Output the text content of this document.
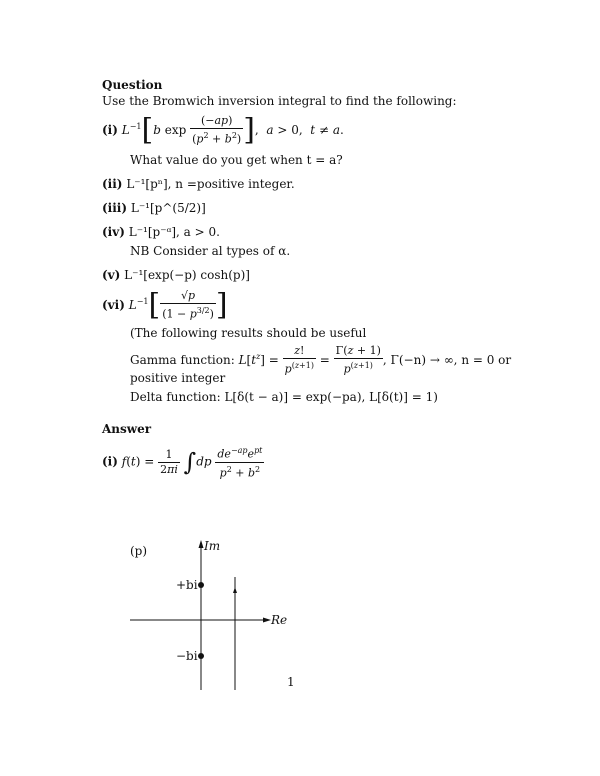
Question
Use the Bromwich inversion integral to find the following:
(i) $L^{-1}[b$ $\exp \frac{(-ap)}{(p^2 + b^2)}$ ],  a > 0,  t ≠ a.
What value do you get when t = a?
(ii) L⁻¹[pⁿ], n =positive integer.
(iii) L⁻¹[p^(5/2)]
(iv) L⁻¹[p⁻ᵅ], a > 0.
NB Consider al types of α.
(v) L⁻¹[exp(−p) cosh(p)]
(vi) $L^{-1}[ \frac{√p}{(1 - p^{3/2})}$ ]
(The following results should be useful
Gamma function: $L[t^z] = \frac{z!}{p^{(z+1)}} = \frac{\Gamma(z + 1)}{p^{(z+1)}}$ , Γ(−n) → ∞, n = 0 or
positive integer
Delta function: L[δ(t − a)] = exp(−pa), L[δ(t)] = 1)
Answer
(i) $f(t) = \frac{1}{2\pi i} \int dp \frac{de^{-ap}e^{pt}}{p^2 + b^2}$
(p)	Im
Re
+bi
−bi
1
